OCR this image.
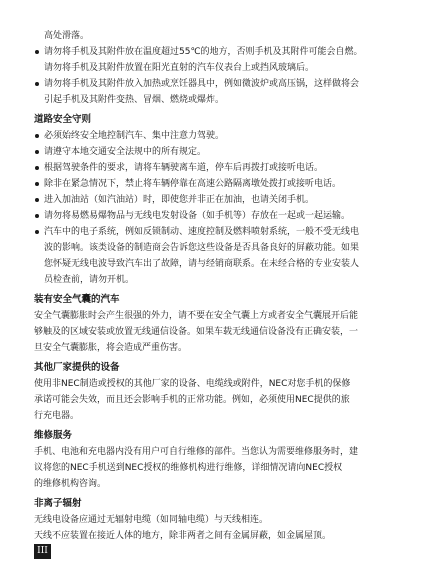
高处滑落。
请勿将手机及其附件放在温度超过55℃的地方，否则手机及其附件可能会自燃。
请勿将手机及其附件放置在阳光直射的汽车仪表台上或挡风玻璃后。
请勿将手机及其附件放入加热或烹饪器具中，例如微波炉或高压锅，这样做将会
引起手机及其附件变热、冒烟、燃烧或爆炸。
道路安全守则
必须始终安全地控制汽车、集中注意力驾驶。
请遵守本地交通安全法规中的所有规定。
根据驾驶条件的要求，请将车辆驶离车道，停车后再拨打或接听电话。
除非在紧急情况下，禁止将车辆停靠在高速公路隔离墩处拨打或接听电话。
进入加油站（如汽油站）时，即使您并非正在加油，也请关闭手机。
请勿将易燃易爆物品与无线电发射设备（如手机等）存放在一起或一起运输。
汽车中的电子系统，例如反锁制动、速度控制及燃料喷射系统，一般不受无线电
波的影响。该类设备的制造商会告诉您这些设备是否具备良好的屏蔽功能。如果
您怀疑无线电波导致汽车出了故障，请与经销商联系。在未经合格的专业安装人
员检查前，请勿开机。
装有安全气囊的汽车
安全气囊膨胀时会产生很强的外力，请不要在安全气囊上方或者安全气囊展开后能
够触及的区域安装或放置无线通信设备。如果车载无线通信设备没有正确安装，一
旦安全气囊膨胀，将会造成严重伤害。
其他厂家提供的设备
使用非NEC制造或授权的其他厂家的设备、电缆线或附件，NEC对您手机的保修
承诺可能会失效，而且还会影响手机的正常功能。例如，必须使用NEC提供的旅
行充电器。
维修服务
手机、电池和充电器内没有用户可自行维修的部件。当您认为需要维修服务时，建
议将您的NEC手机送到NEC授权的维修机构进行维修，详细情况请向NEC授权
的维修机构咨询。
非离子辐射
无线电设备应通过无辐射电缆（如同轴电缆）与天线相连。
天线不应装置在接近人体的地方，除非两者之间有金属屏蔽，如金属屋顶。
III
